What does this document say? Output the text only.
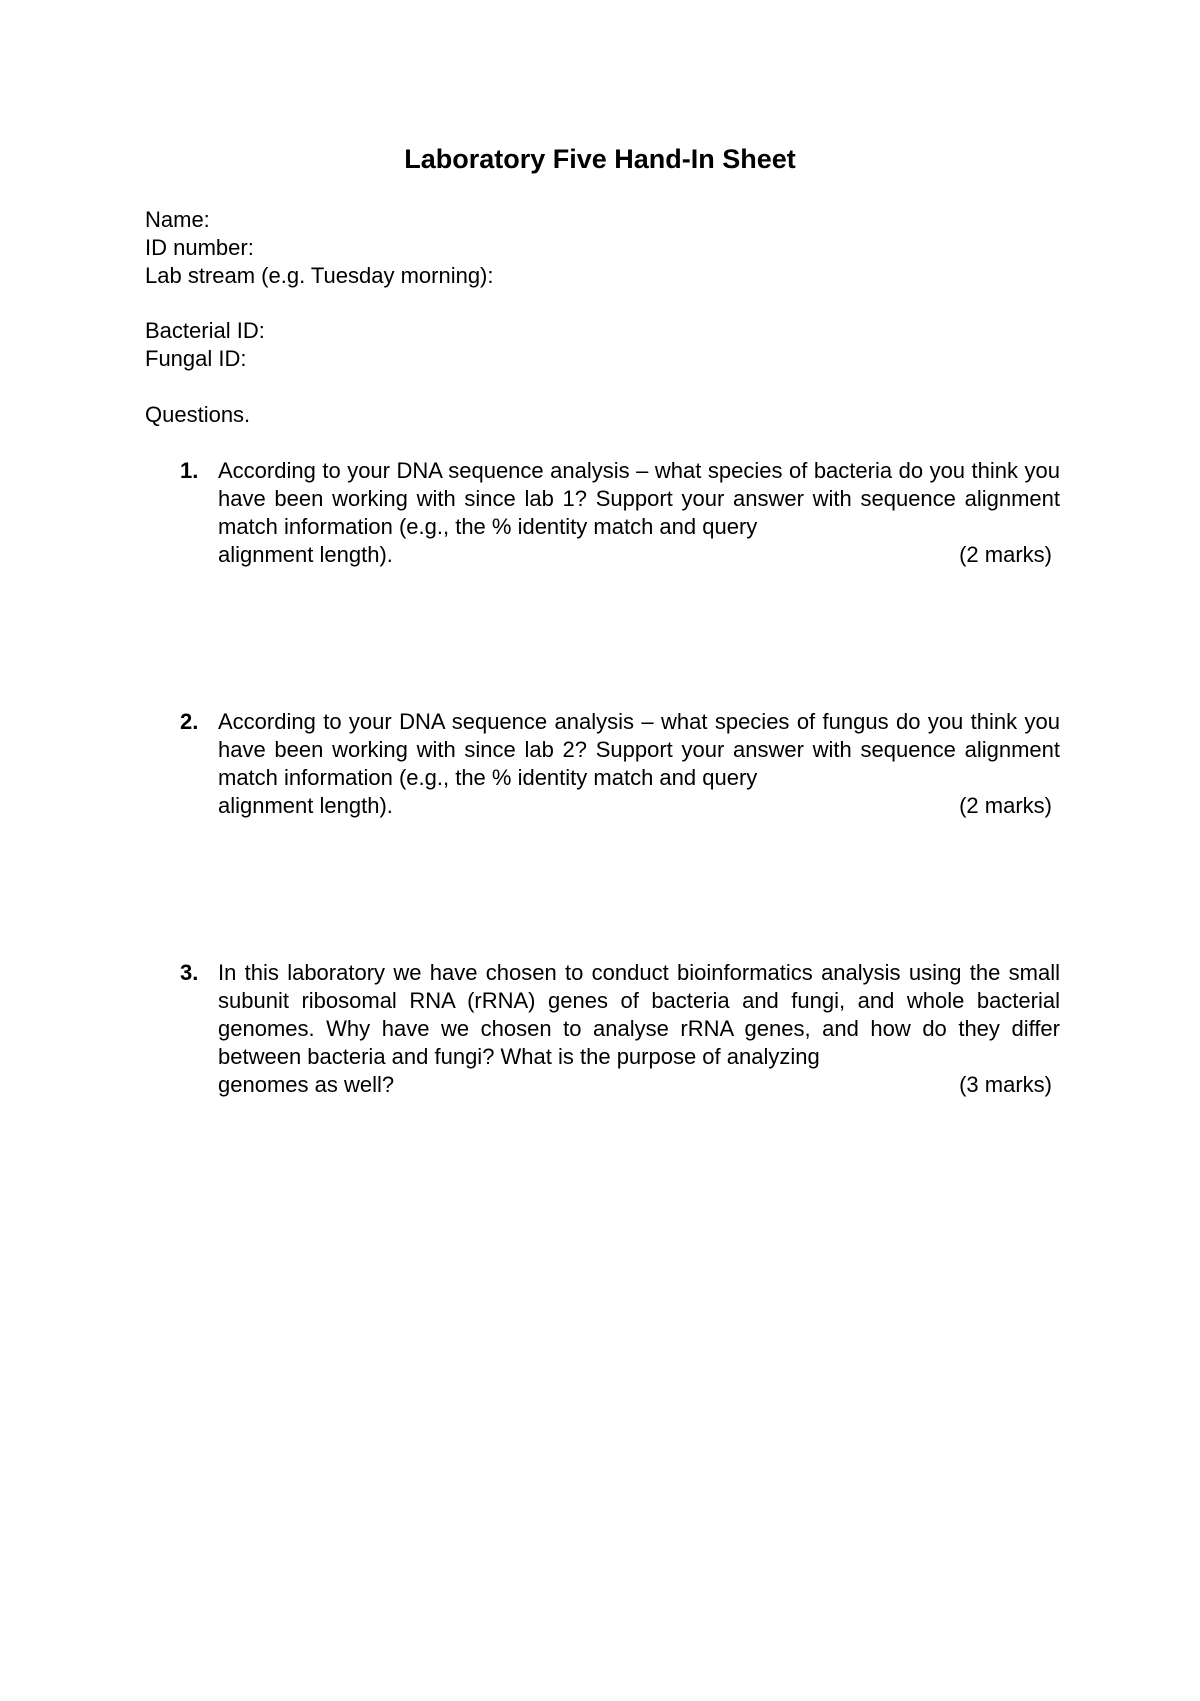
Laboratory Five Hand-In Sheet
Name:
ID number:
Lab stream (e.g. Tuesday morning):
Bacterial ID:
Fungal ID:
Questions.
1. According to your DNA sequence analysis – what species of bacteria do you think you have been working with since lab 1? Support your answer with sequence alignment match information (e.g., the % identity match and query
alignment length).	(2 marks)
2. According to your DNA sequence analysis – what species of fungus do you think you have been working with since lab 2? Support your answer with sequence alignment match information (e.g., the % identity match and query
alignment length).	(2 marks)
3. In this laboratory we have chosen to conduct bioinformatics analysis using the small subunit ribosomal RNA (rRNA) genes of bacteria and fungi, and whole bacterial genomes. Why have we chosen to analyse rRNA genes, and how do they differ between bacteria and fungi? What is the purpose of analyzing
genomes as well?	(3 marks)
